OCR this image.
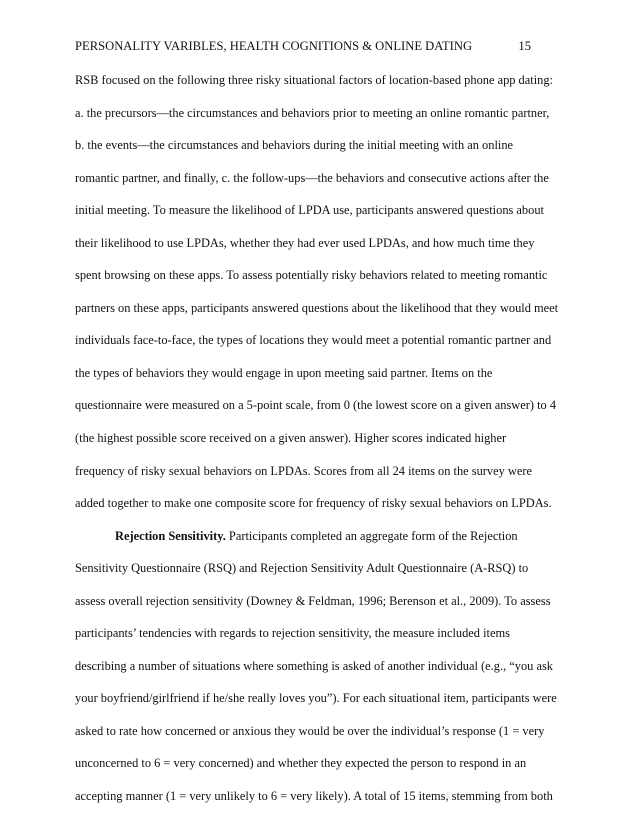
PERSONALITY VARIBLES, HEALTH COGNITIONS & ONLINE DATING	15
RSB focused on the following three risky situational factors of location-based phone app dating:
a. the precursors—the circumstances and behaviors prior to meeting an online romantic partner,
b. the events—the circumstances and behaviors during the initial meeting with an online
romantic partner, and finally, c. the follow-ups—the behaviors and consecutive actions after the
initial meeting. To measure the likelihood of LPDA use, participants answered questions about
their likelihood to use LPDAs, whether they had ever used LPDAs, and how much time they
spent browsing on these apps. To assess potentially risky behaviors related to meeting romantic
partners on these apps, participants answered questions about the likelihood that they would meet
individuals face-to-face, the types of locations they would meet a potential romantic partner and
the types of behaviors they would engage in upon meeting said partner. Items on the
questionnaire were measured on a 5-point scale, from 0 (the lowest score on a given answer) to 4
(the highest possible score received on a given answer). Higher scores indicated higher
frequency of risky sexual behaviors on LPDAs. Scores from all 24 items on the survey were
added together to make one composite score for frequency of risky sexual behaviors on LPDAs.
Rejection Sensitivity. Participants completed an aggregate form of the Rejection
Sensitivity Questionnaire (RSQ) and Rejection Sensitivity Adult Questionnaire (A-RSQ) to
assess overall rejection sensitivity (Downey & Feldman, 1996; Berenson et al., 2009). To assess
participants’ tendencies with regards to rejection sensitivity, the measure included items
describing a number of situations where something is asked of another individual (e.g., “you ask
your boyfriend/girlfriend if he/she really loves you”). For each situational item, participants were
asked to rate how concerned or anxious they would be over the individual’s response (1 = very
unconcerned to 6 = very concerned) and whether they expected the person to respond in an
accepting manner (1 = very unlikely to 6 = very likely). A total of 15 items, stemming from both
